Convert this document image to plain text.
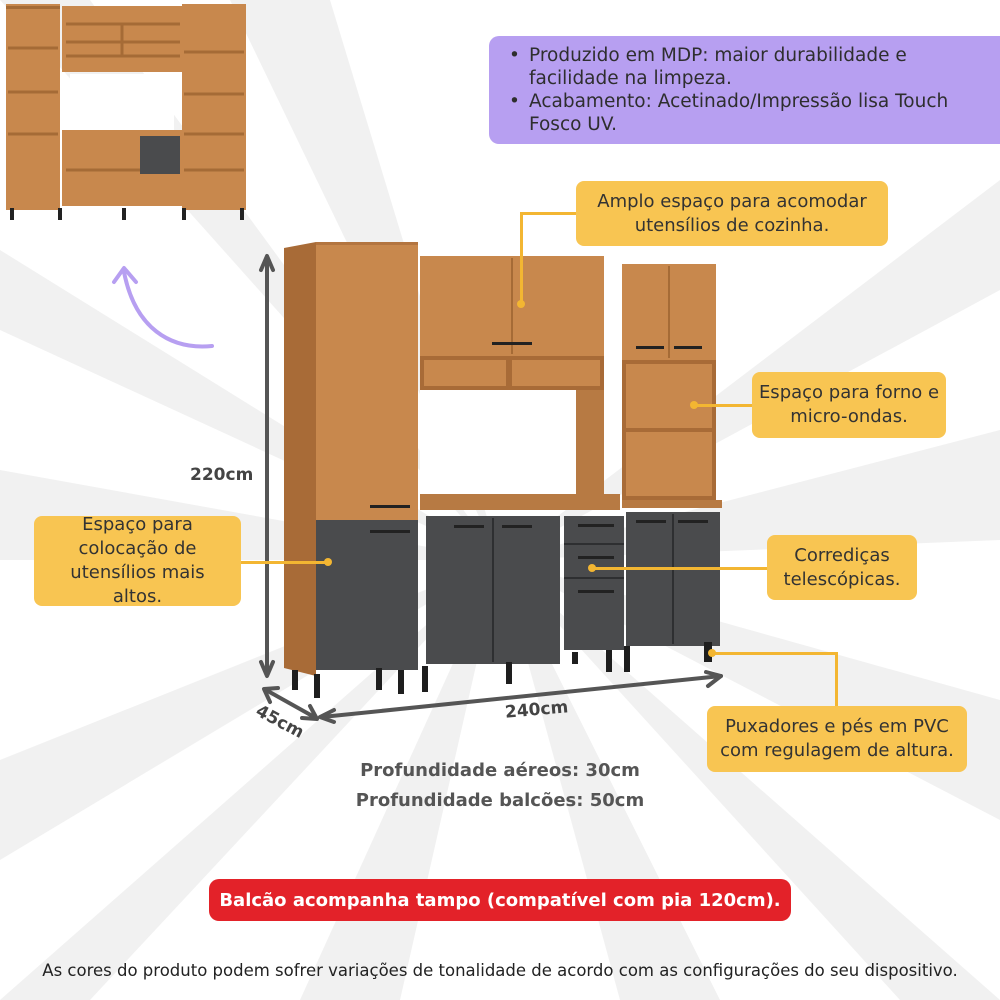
• Produzido em MDP: maior durabilidade e facilidade na limpeza.
• Acabamento: Acetinado/Impressão lisa Touch Fosco UV.
220cm
240cm
45cm
Amplo espaço para acomodar utensílios de cozinha.
Espaço para forno e micro-ondas.
Espaço para colocação de utensílios mais altos.
Corrediças telescópicas.
Puxadores e pés em PVC com regulagem de altura.
Profundidade aéreos: 30cm
Profundidade balcões: 50cm
Balcão acompanha tampo (compatível com pia 120cm).
As cores do produto podem sofrer variações de tonalidade de acordo com as configurações do seu dispositivo.
